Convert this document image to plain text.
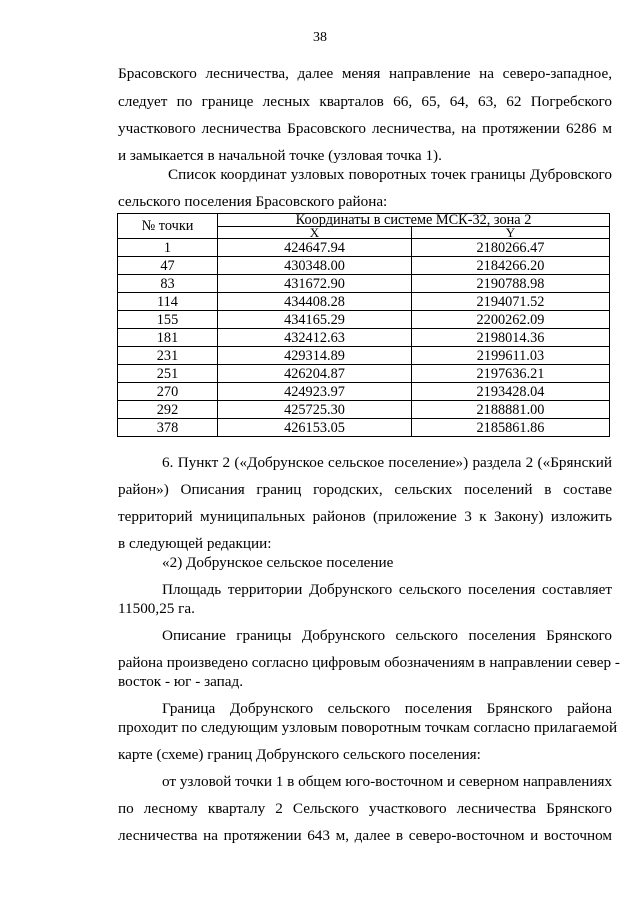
38
Брасовского лесничества, далее меняя направление на северо-западное,
следует по границе лесных кварталов 66, 65, 64, 63, 62 Погребского
участкового лесничества Брасовского лесничества, на протяжении 6286 м
и замыкается в начальной точке (узловая точка 1).
Список координат узловых поворотных точек границы Дубровского
сельского поселения Брасовского района:
№ точки	Координаты в системе МСК-32, зона 2	
	X	Y
1	424647.94	2180266.47
47	430348.00	2184266.20
83	431672.90	2190788.98
114	434408.28	2194071.52
155	434165.29	2200262.09
181	432412.63	2198014.36
231	429314.89	2199611.03
251	426204.87	2197636.21
270	424923.97	2193428.04
292	425725.30	2188881.00
378	426153.05	2185861.86
6. Пункт 2 («Добрунское сельское поселение») раздела 2 («Брянский
район») Описания границ городских, сельских поселений в составе
территорий муниципальных районов (приложение 3 к Закону) изложить
в следующей редакции:
«2) Добрунское сельское поселение
Площадь территории Добрунского сельского поселения составляет
11500,25 га.
Описание границы Добрунского сельского поселения Брянского
района произведено согласно цифровым обозначениям в направлении север -
восток - юг - запад.
Граница Добрунского сельского поселения Брянского района
проходит по следующим узловым поворотным точкам согласно прилагаемой
карте (схеме) границ Добрунского сельского поселения:
от узловой точки 1 в общем юго-восточном и северном направлениях
по лесному кварталу 2 Сельского участкового лесничества Брянского
лесничества на протяжении 643 м, далее в северо-восточном и восточном
